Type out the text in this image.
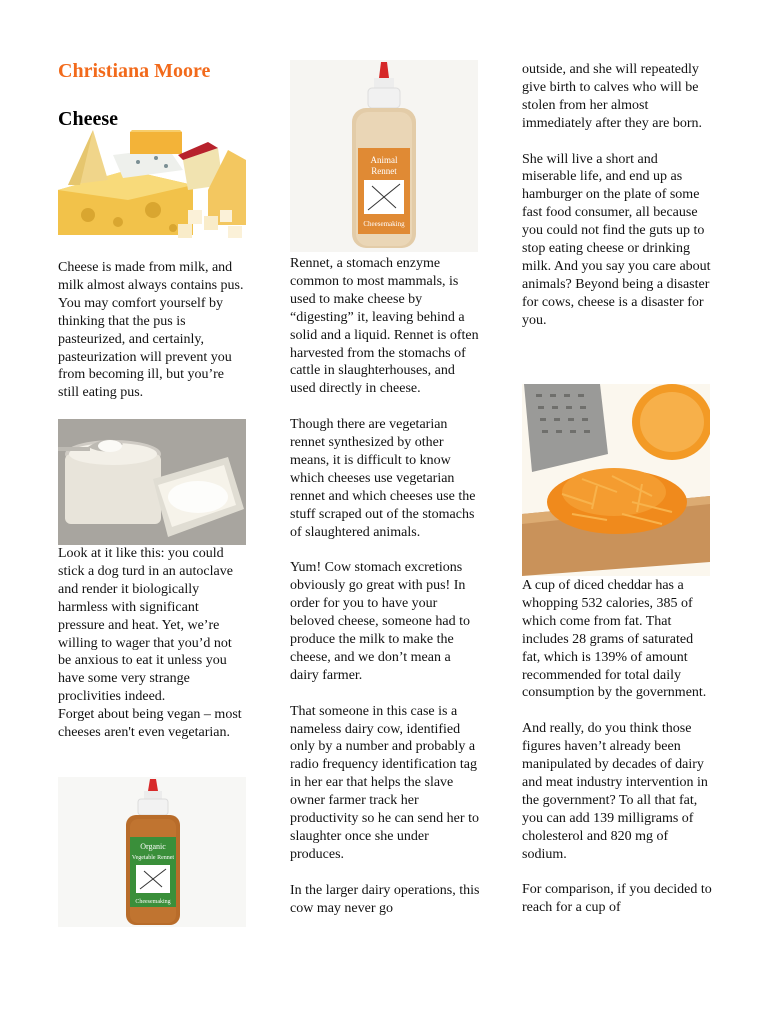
Christiana Moore
Cheese

Cheese is made from milk, and milk almost always contains pus. You may comfort yourself by thinking that the pus is pasteurized, and certainly, pasteurization will prevent you from becoming ill, but you’re still eating pus.

Look at it like this: you could stick a dog turd in an autoclave and render it biologically harmless with significant pressure and heat. Yet, we’re willing to wager that you’d not be anxious to eat it unless you have some very strange proclivities indeed.

Forget about being vegan – most cheeses aren't even vegetarian.

Organic
Vegetable Rennet
Cheesemaking
Animal
Rennet
Cheesemaking

Rennet, a stomach enzyme common to most mammals, is used to make cheese by “digesting” it, leaving behind a solid and a liquid. Rennet is often harvested from the stomachs of cattle in slaughterhouses, and used directly in cheese.

Though there are vegetarian rennet synthesized by other means, it is difficult to know which cheeses use vegetarian rennet and which cheeses use the stuff scraped out of the stomachs of slaughtered animals.

Yum! Cow stomach excretions obviously go great with pus! In order for you to have your beloved cheese, someone had to produce the milk to make the cheese, and we don’t mean a dairy farmer.

That someone in this case is a nameless dairy cow, identified only by a number and probably a radio frequency identification tag in her ear that helps the slave owner farmer track her productivity so he can send her to slaughter once she under produces.

In the larger dairy operations, this cow may never go

outside, and she will repeatedly give birth to calves who will be stolen from her almost immediately after they are born.

She will live a short and miserable life, and end up as hamburger on the plate of some fast food consumer, all because you could not find the guts up to stop eating cheese or drinking milk. And you say you care about animals? Beyond being a disaster for cows, cheese is a disaster for you.

A cup of diced cheddar has a whopping 532 calories, 385 of which come from fat. That includes 28 grams of saturated fat, which is 139% of amount recommended for total daily consumption by the government.

And really, do you think those figures haven’t already been manipulated by decades of dairy and meat industry intervention in the government? To all that fat, you can add 139 milligrams of cholesterol and 820 mg of sodium.

For comparison, if you decided to reach for a cup of
